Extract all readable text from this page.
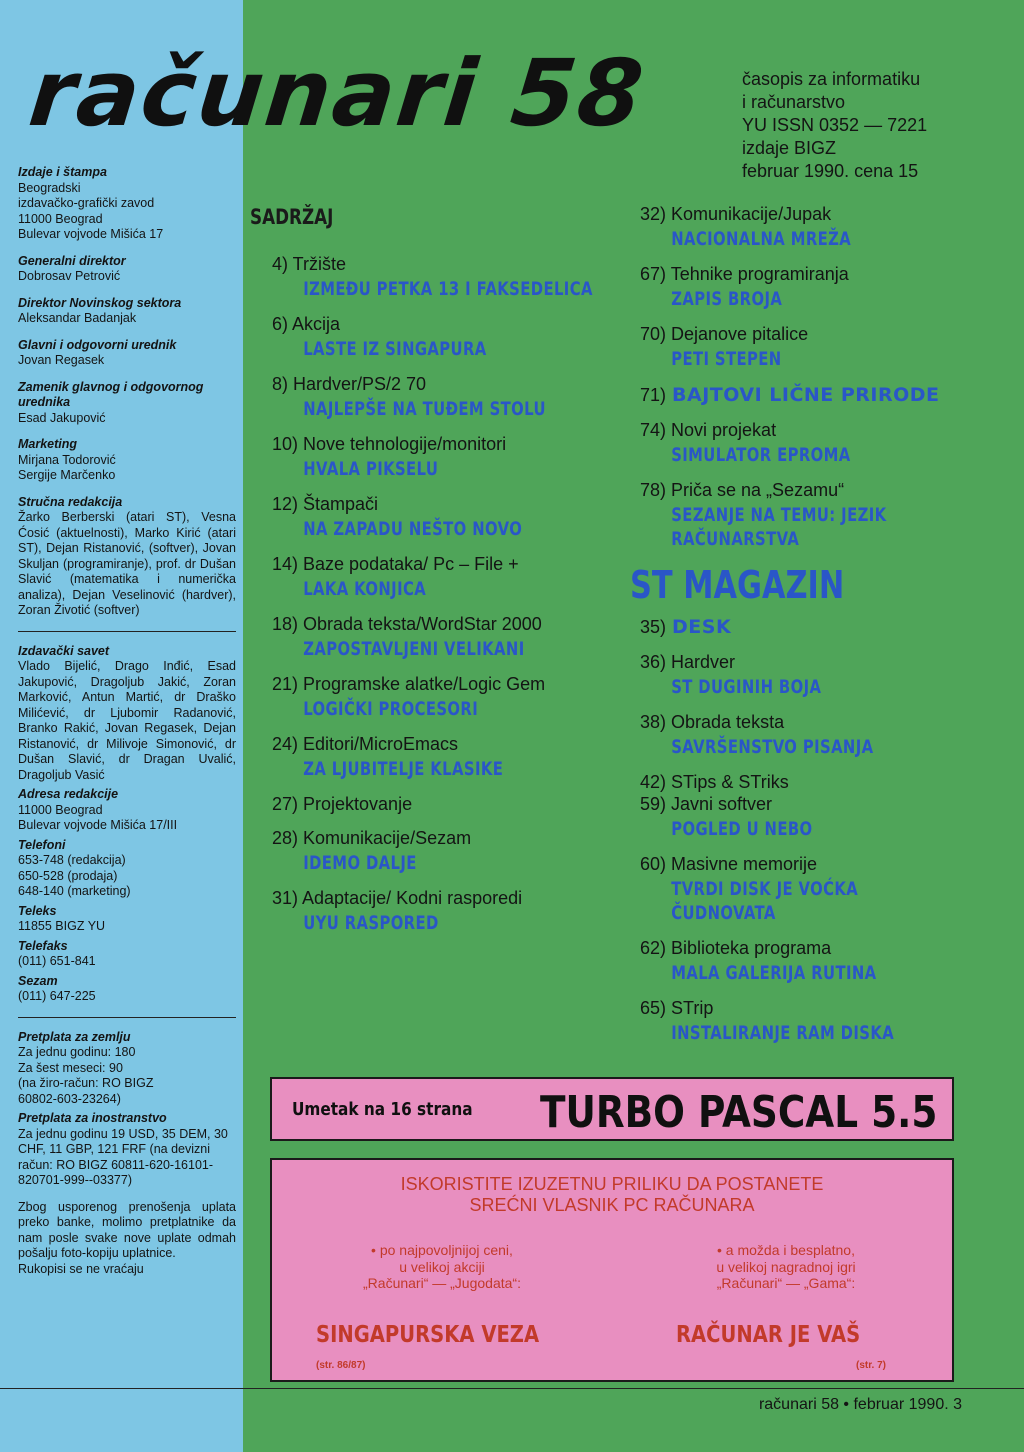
računari 58	časopis za informatiku
i računarstvo
YU ISSN 0352 — 7221
izdaje BIGZ
februar 1990. cena 15
Izdaje i štampa
Beogradski
izdavačko-grafički zavod
11000 Beograd
Bulevar vojvode Mišića 17
Generalni direktor
Dobrosav Petrović
Direktor Novinskog sektora
Aleksandar Badanjak
Glavni i odgovorni urednik
Jovan Regasek
Zamenik glavnog i odgovornog urednika
Esad Jakupović
Marketing
Mirjana Todorović
Sergije Marčenko
Stručna redakcija
Žarko Berberski (atari ST), Vesna Ćosić (aktuelnosti), Marko Kirić (atari ST), Dejan Ristanović, (softver), Jovan Skuljan (programiranje), prof. dr Dušan Slavić (matematika i numerička analiza), Dejan Veselinović (hardver), Zoran Životić (softver)
Izdavački savet
Vlado Bijelić, Drago Inđić, Esad Jakupović, Dragoljub Jakić, Zoran Marković, Antun Martić, dr Draško Milićević, dr Ljubomir Radanović, Branko Rakić, Jovan Regasek, Dejan Ristanović, dr Milivoje Simonović, dr Dušan Slavić, dr Dragan Uvalić, Dragoljub Vasić
Adresa redakcije
11000 Beograd
Bulevar vojvode Mišića 17/III
Telefoni
653-748 (redakcija)
650-528 (prodaja)
648-140 (marketing)
Teleks
11855 BIGZ YU
Telefaks
(011) 651-841
Sezam
(011) 647-225
Pretplata za zemlju
Za jednu godinu: 180
Za šest meseci: 90
(na žiro-račun: RO BIGZ
60802-603-23264)
Pretplata za inostranstvo
Za jednu godinu 19 USD, 35 DEM, 30 CHF, 11 GBP, 121 FRF (na devizni račun: RO BIGZ 60811-620-16101-820701-999--03377)
Zbog usporenog prenošenja uplata preko banke, molimo pretplatnike da nam posle svake nove uplate odmah pošalju foto-kopiju uplatnice.
Rukopisi se ne vraćaju
SADRŽAJ
4) Tržište
IZMEĐU PETKA 13 I FAKSEDELICA
6) Akcija
LASTE IZ SINGAPURA
8) Hardver/PS/2 70
NAJLEPŠE NA TUĐEM STOLU
10) Nove tehnologije/monitori
HVALA PIKSELU
12) Štampači
NA ZAPADU NEŠTO NOVO
14) Baze podataka/ Pc – File +
LAKA KONJICA
18) Obrada teksta/WordStar 2000
ZAPOSTAVLJENI VELIKANI
21) Programske alatke/Logic Gem
LOGIČKI PROCESORI
24) Editori/MicroEmacs
ZA LJUBITELJE KLASIKE
27) Projektovanje
28) Komunikacije/Sezam
IDEMO DALJE
31) Adaptacije/ Kodni rasporedi
UYU RASPORED
32) Komunikacije/Jupak
NACIONALNA MREŽA
67) Tehnike programiranja
ZAPIS BROJA
70) Dejanove pitalice
PETI STEPEN
71) BAJTOVI LIČNE PRIRODE
74) Novi projekat
SIMULATOR EPROMA
78) Priča se na „Sezamu“
SEZANJE NA TEMU: JEZIK RAČUNARSTVA
ST MAGAZIN
35) DESK
36) Hardver
ST DUGINIH BOJA
38) Obrada teksta
SAVRŠENSTVO PISANJA
42) STips & STriks
59) Javni softver
POGLED U NEBO
60) Masivne memorije
TVRDI DISK JE VOĆKA ČUDNOVATA
62) Biblioteka programa
MALA GALERIJA RUTINA
65) STrip
INSTALIRANJE RAM DISKA
Umetak na 16 strana TURBO PASCAL 5.5
ISKORISTITE IZUZETNU PRILIKU DA POSTANETE
SREĆNI VLASNIK PC RAČUNARA
• po najpovoljnijoj ceni,
u velikoj akciji
„Računari“ — „Jugodata“:
• a možda i besplatno,
u velikoj nagradnoj igri
„Računari“ — „Gama“:
SINGAPURSKA VEZA	RAČUNAR JE VAŠ
(str. 86/87)	(str. 7)
računari 58 • februar 1990. 3
